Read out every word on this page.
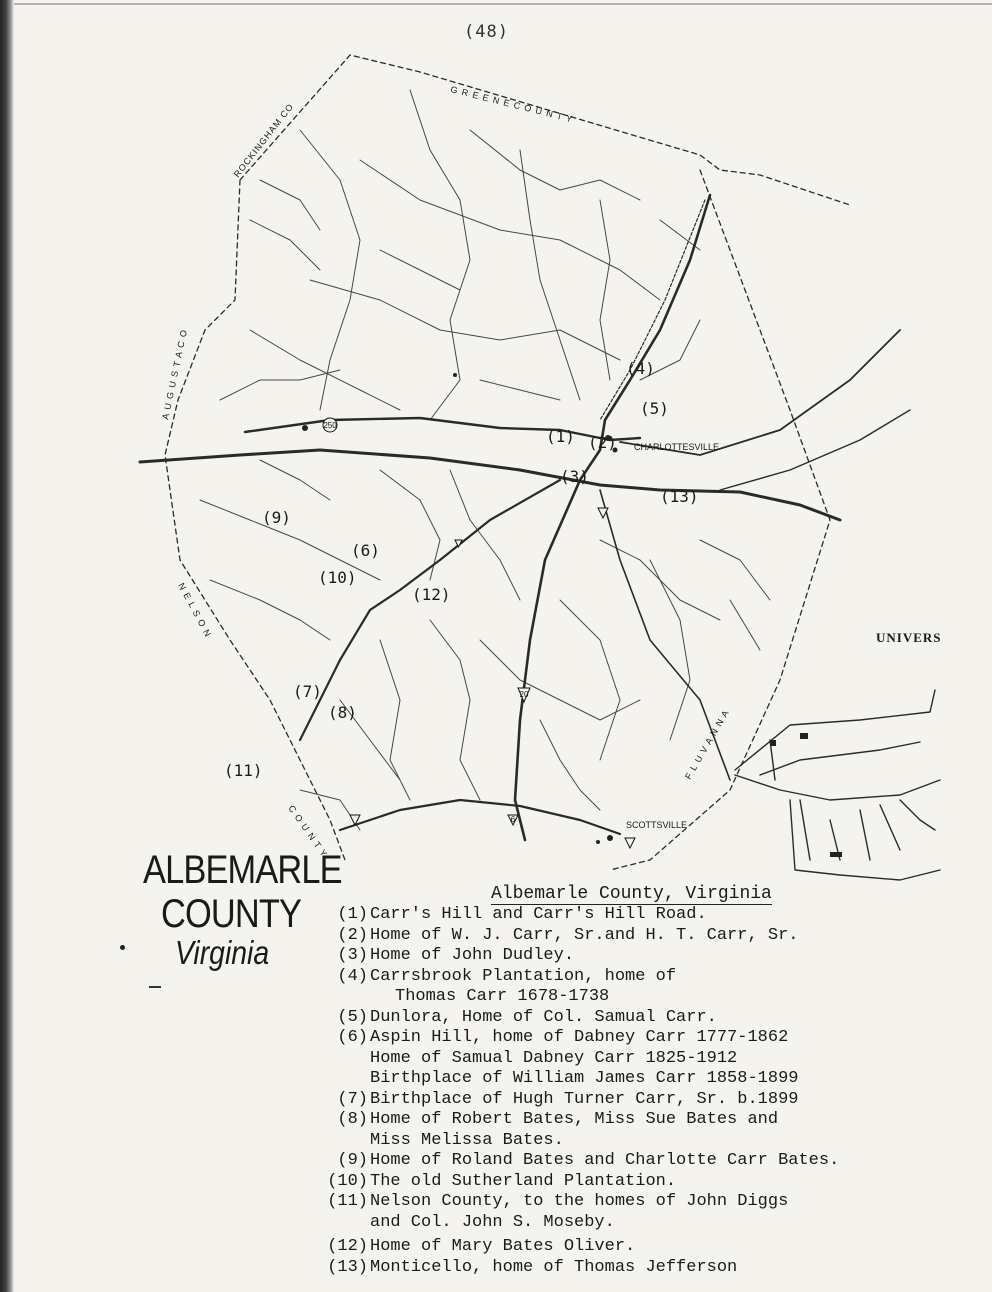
(48)
250
20
6
CHARLOTTESVILLE
SCOTTSVILLE
G R E E N E C O U N T Y
ROCKINGHAM CO
A U G U S T A C O
N E L S O N
F L U V A N N A
C O U N T Y
(1) (2)
(3)
(4)
(5)
(6)
(7)
(8)
(9)
(10)
(11)
(12)
(13)
UNIVERS
ALBEMARLE
COUNTY
Virginia
Albemarle County, Virginia
(1) Carr's Hill and Carr's Hill Road.
(2) Home of W. J. Carr, Sr.and H. T. Carr, Sr.
(3) Home of John Dudley.
(4) Carrsbrook Plantation, home of
Thomas Carr 1678-1738
(5) Dunlora, Home of Col. Samual Carr.
(6) Aspin Hill, home of Dabney Carr 1777-1862
Home of Samual Dabney Carr 1825-1912
Birthplace of William James Carr 1858-1899
(7) Birthplace of Hugh Turner Carr, Sr. b.1899
(8) Home of Robert Bates, Miss Sue Bates and
Miss Melissa Bates.
(9) Home of Roland Bates and Charlotte Carr Bates.
(10) The old Sutherland Plantation.
(11) Nelson County, to the homes of John Diggs
and Col. John S. Moseby.
(12) Home of Mary Bates Oliver.
(13) Monticello, home of Thomas Jefferson
